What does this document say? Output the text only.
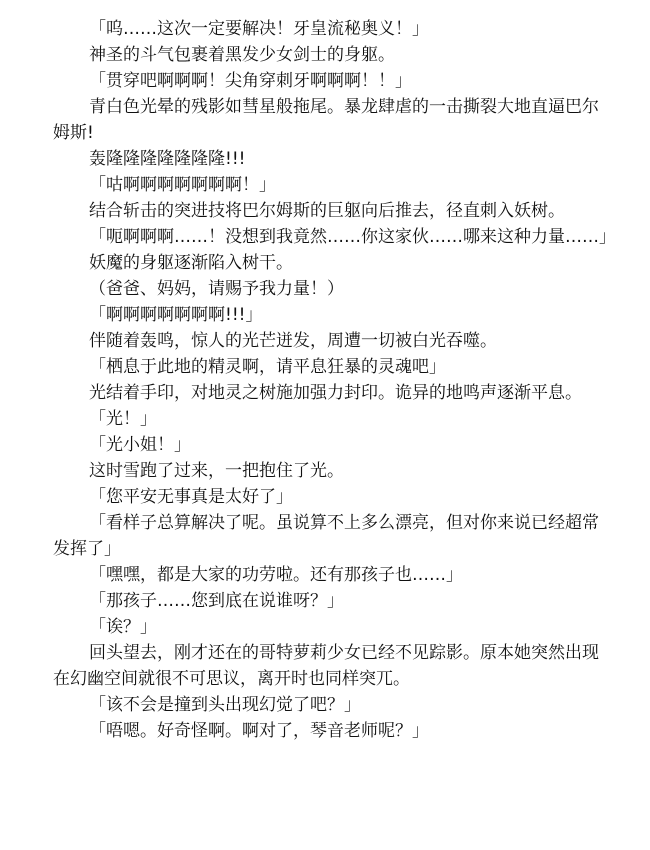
「呜……这次一定要解决！牙皇流秘奥义！」

神圣的斗气包裹着黑发少女剑士的身躯。

「贯穿吧啊啊啊！尖角穿刺牙啊啊啊！！」

青白色光晕的残影如彗星般拖尾。暴龙肆虐的一击撕裂大地直逼巴尔姆斯!

轰隆隆隆隆隆隆隆!!!

「咕啊啊啊啊啊啊啊！」

结合斩击的突进技将巴尔姆斯的巨躯向后推去，径直刺入妖树。

「呃啊啊啊……！没想到我竟然……你这家伙……哪来这种力量……」

妖魔的身躯逐渐陷入树干。

（爸爸、妈妈，请赐予我力量！）

「啊啊啊啊啊啊啊!!!」

伴随着轰鸣，惊人的光芒迸发，周遭一切被白光吞噬。

「栖息于此地的精灵啊，请平息狂暴的灵魂吧」

光结着手印，对地灵之树施加强力封印。诡异的地鸣声逐渐平息。

「光！」

「光小姐！」

这时雪跑了过来，一把抱住了光。

「您平安无事真是太好了」

「看样子总算解决了呢。虽说算不上多么漂亮，但对你来说已经超常发挥了」

「嘿嘿，都是大家的功劳啦。还有那孩子也……」

「那孩子……您到底在说谁呀？」

「诶？」

回头望去，刚才还在的哥特萝莉少女已经不见踪影。原本她突然出现在幻幽空间就很不可思议，离开时也同样突兀。

「该不会是撞到头出现幻觉了吧？」

「唔嗯。好奇怪啊。啊对了，琴音老师呢？」
